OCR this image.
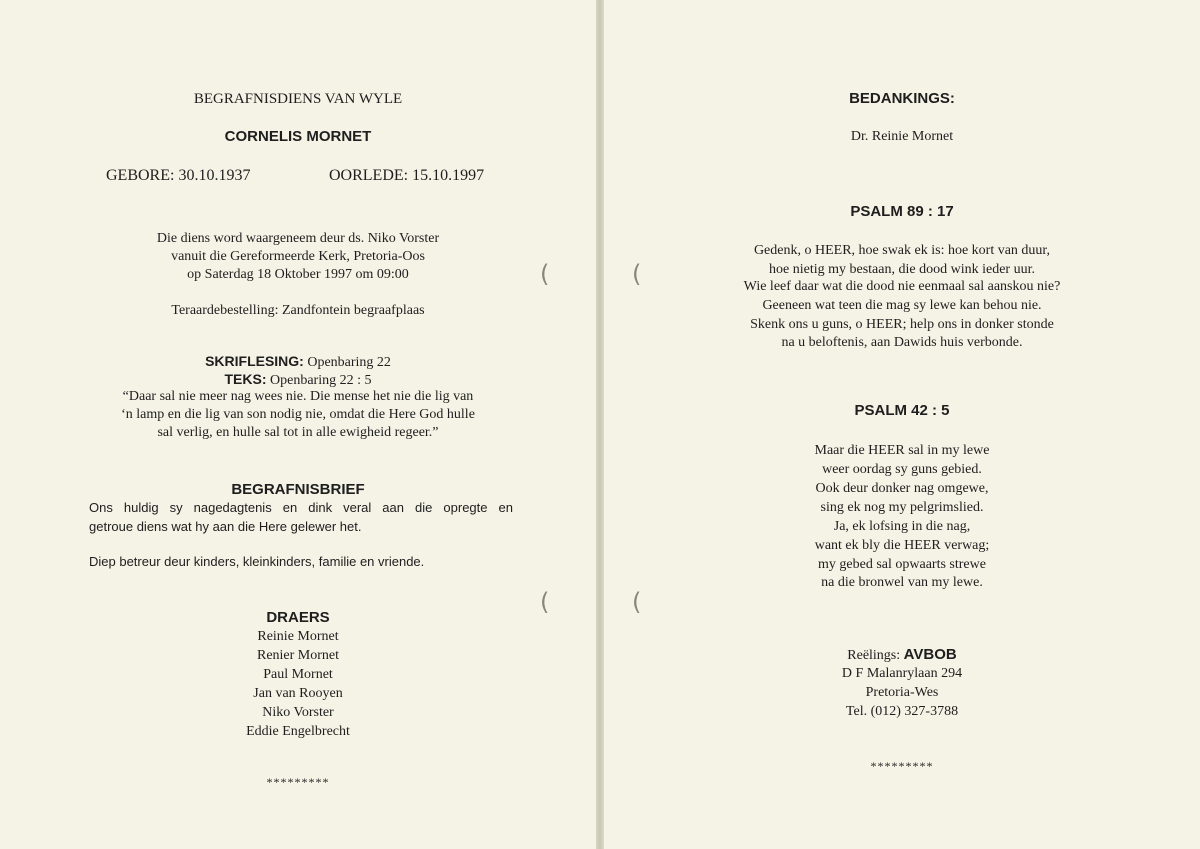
BEGRAFNISDIENS VAN WYLE
CORNELIS MORNET
GEBORE: 30.10.1937	OORLEDE: 15.10.1997
Die diens word waargeneem deur ds. Niko Vorster
vanuit die Gereformeerde Kerk, Pretoria-Oos
op Saterdag 18 Oktober 1997 om 09:00
Teraardebestelling: Zandfontein begraafplaas
SKRIFLESING: Openbaring 22
TEKS: Openbaring 22 : 5
“Daar sal nie meer nag wees nie. Die mense het nie die lig van
‘n lamp en die lig van son nodig nie, omdat die Here God hulle
sal verlig, en hulle sal tot in alle ewigheid regeer.”
BEGRAFNISBRIEF
Ons huldig sy nagedagtenis en dink veral aan die opregte en
getroue diens wat hy aan die Here gelewer het.
Diep betreur deur kinders, kleinkinders, familie en vriende.
DRAERS
Reinie Mornet
Renier Mornet
Paul Mornet
Jan van Rooyen
Niko Vorster
Eddie Engelbrecht
*********
(
(
BEDANKINGS:
Dr. Reinie Mornet
PSALM 89 : 17
Gedenk, o HEER, hoe swak ek is: hoe kort van duur,
hoe nietig my bestaan, die dood wink ieder uur.
Wie leef daar wat die dood nie eenmaal sal aanskou nie?
Geeneen wat teen die mag sy lewe kan behou nie.
Skenk ons u guns, o HEER; help ons in donker stonde
na u beloftenis, aan Dawids huis verbonde.
PSALM 42 : 5
Maar die HEER sal in my lewe
weer oordag sy guns gebied.
Ook deur donker nag omgewe,
sing ek nog my pelgrimslied.
Ja, ek lofsing in die nag,
want ek bly die HEER verwag;
my gebed sal opwaarts strewe
na die bronwel van my lewe.
Reëlings: AVBOB
D F Malanrylaan 294
Pretoria-Wes
Tel. (012) 327-3788
*********
(
(
